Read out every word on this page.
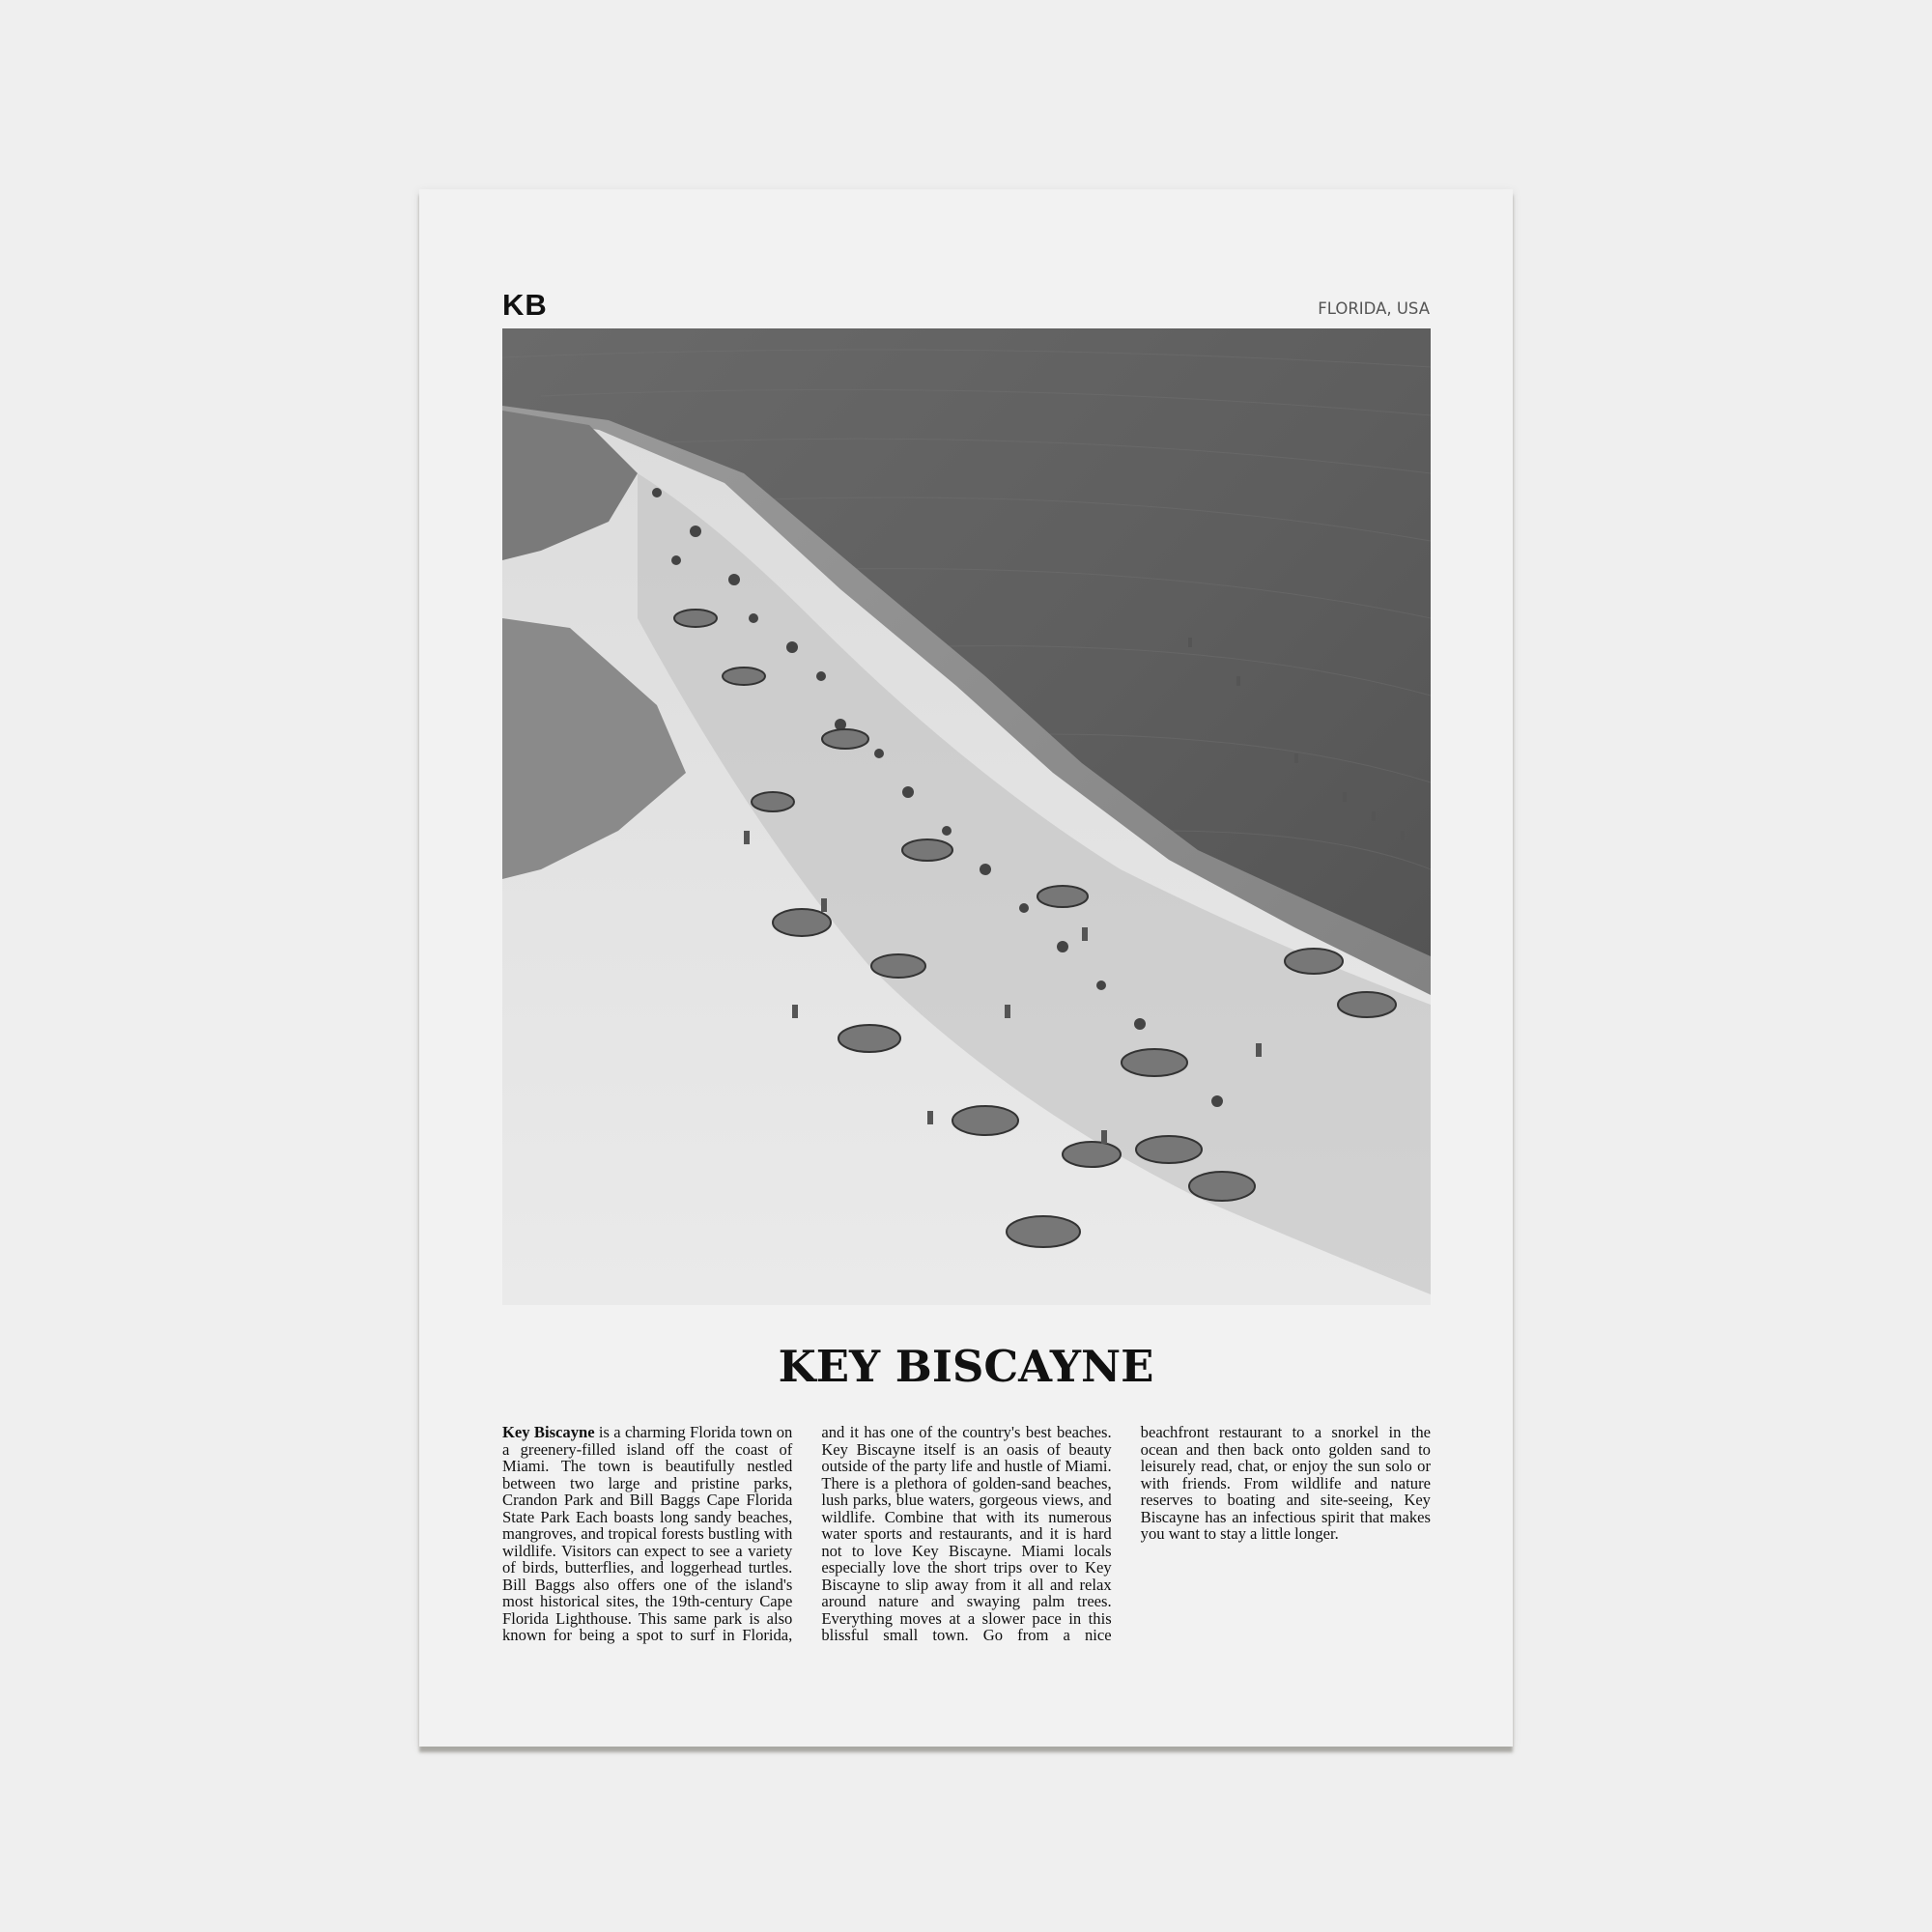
KB	FLORIDA, USA
KEY BISCAYNE

Key Biscayne is a charming Florida town on a greenery-filled island off the coast of Miami. The town is beautifully nestled between two large and pristine parks, Crandon Park and Bill Baggs Cape Florida State Park Each boasts long sandy beaches, mangroves, and tropical forests bustling with wildlife. Visitors can expect to see a variety of birds, butterflies, and loggerhead turtles. Bill Baggs also offers one of the island's most historical sites, the 19th-century Cape Florida Lighthouse. This same park is also known for being a spot to surf in Florida, and it has one of the country's best beaches. Key Biscayne itself is an oasis of beauty outside of the party life and hustle of Miami. There is a plethora of golden-sand beaches, lush parks, blue waters, gorgeous views, and wildlife. Combine that with its numerous water sports and restaurants, and it is hard not to love Key Biscayne. Miami locals especially love the short trips over to Key Biscayne to slip away from it all and relax around nature and swaying palm trees. Everything moves at a slower pace in this blissful small town. Go from a nice beachfront restaurant to a snorkel in the ocean and then back onto golden sand to leisurely read, chat, or enjoy the sun solo or with friends. From wildlife and nature reserves to boating and site-seeing, Key Biscayne has an infectious spirit that makes you want to stay a little longer.
